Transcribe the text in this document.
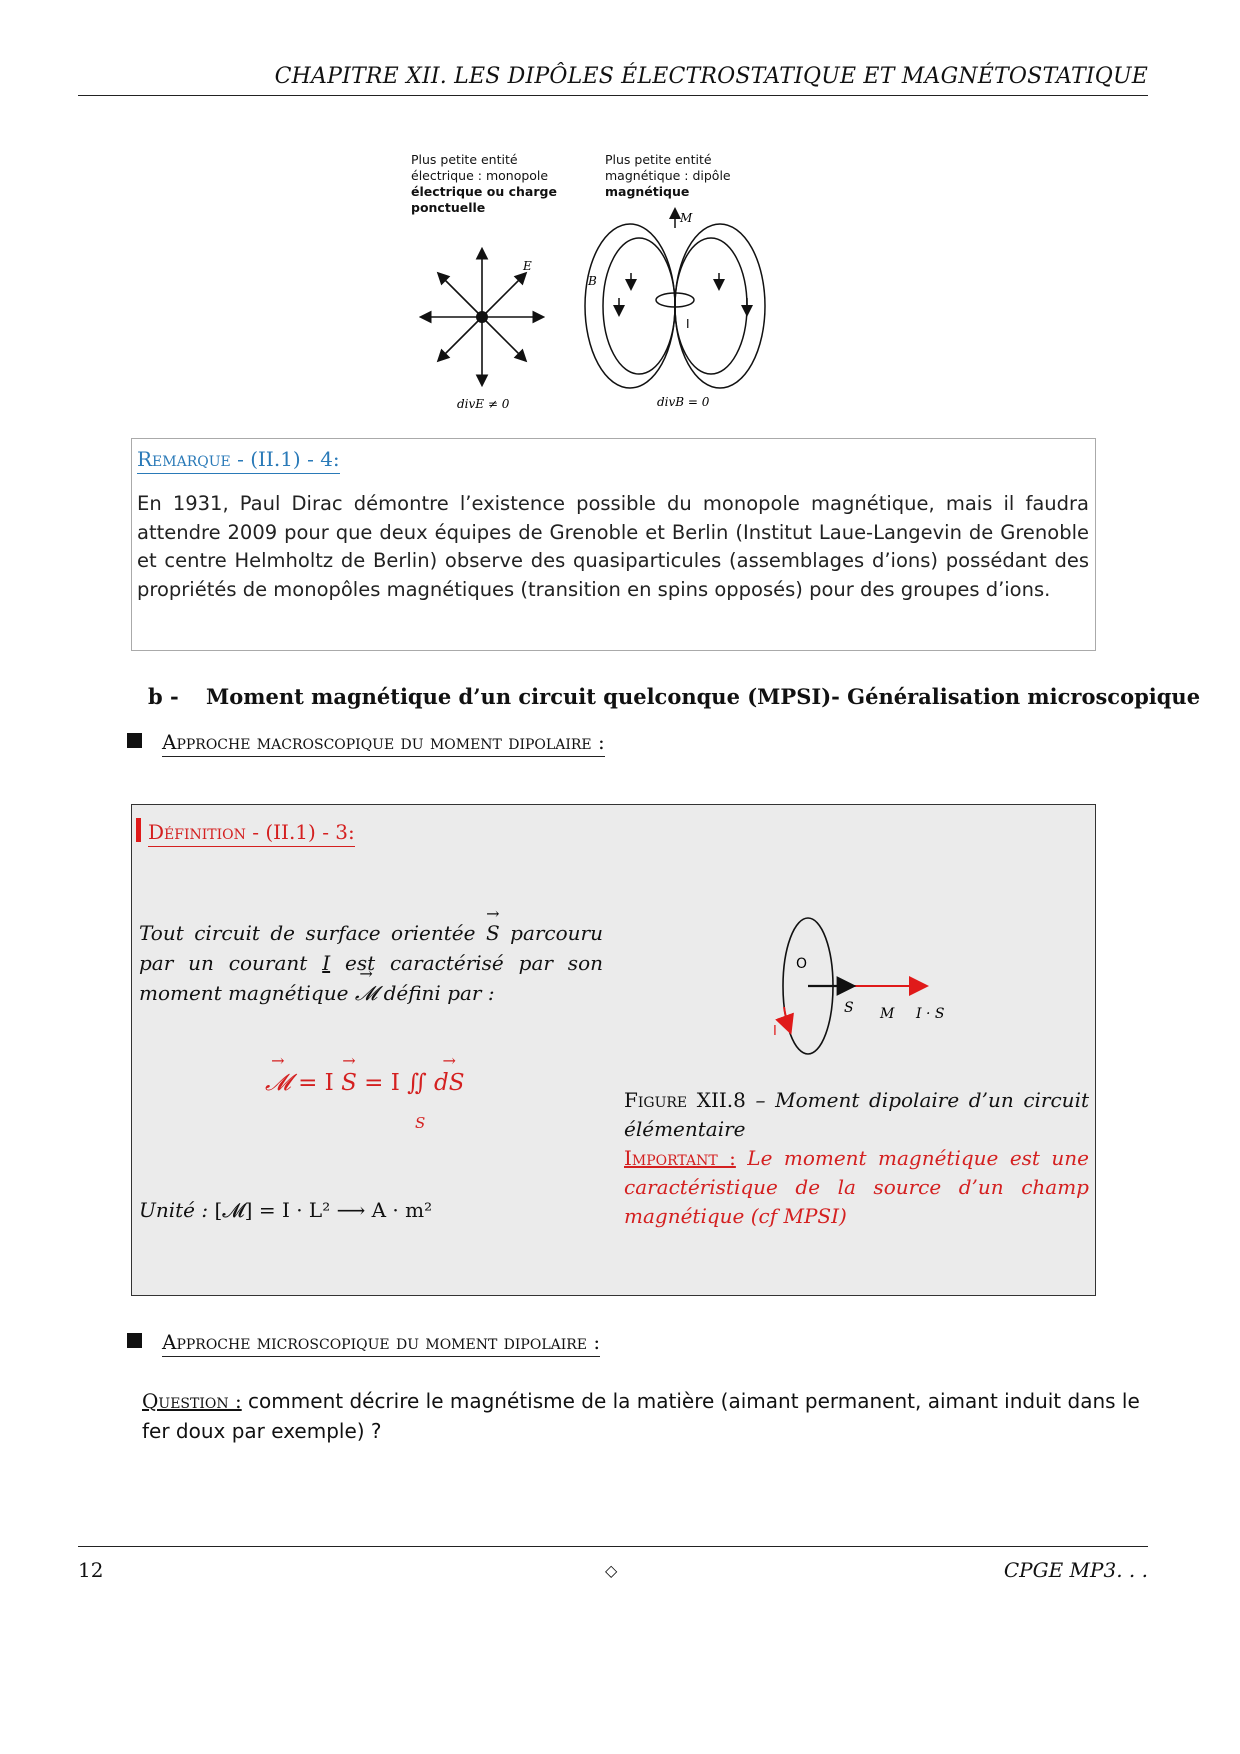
CHAPITRE XII. LES DIPÔLES ÉLECTROSTATIQUE ET MAGNÉTOSTATIQUE
Plus petite entité
électrique : monopole
électrique ou charge
ponctuelle
Plus petite entité
magnétique : dipôle
magnétique
E
B
M
I
divE ≠ 0	divB = 0
Remarque - (II.1) - 4:
En 1931, Paul Dirac démontre l’existence possible du monopole magnétique, mais il faudra attendre 2009 pour que deux équipes de Grenoble et Berlin (Institut Laue-Langevin de Grenoble et centre Helmholtz de Berlin) observe des quasiparticules (assemblages d’ions) possédant des propriétés de monopôles magnétiques (transition en spins opposés) pour des groupes d’ions.
b - Moment magnétique d’un circuit quelconque (MPSI)- Généralisation microscopique
Approche macroscopique du moment dipolaire :
Définition - (II.1) - 3:
Tout circuit de surface orientée → S parcouru par un courant I est caractérisé par son moment magnétique → 𝓜 défini par :
→ 𝓜 = I → S = I ∬ → dS
S
Unité : [𝓜] = I · L² ⟶ A · m²
O
I
S M I · S
Figure XII.8 – Moment dipolaire d’un circuit élémentaire
Important : Le moment magnétique est une caractéristique de la source d’un champ magnétique (cf MPSI)
Approche microscopique du moment dipolaire :
Question : comment décrire le magnétisme de la matière (aimant permanent, aimant induit dans le fer doux par exemple) ?
12	◇	CPGE MP3. . .
